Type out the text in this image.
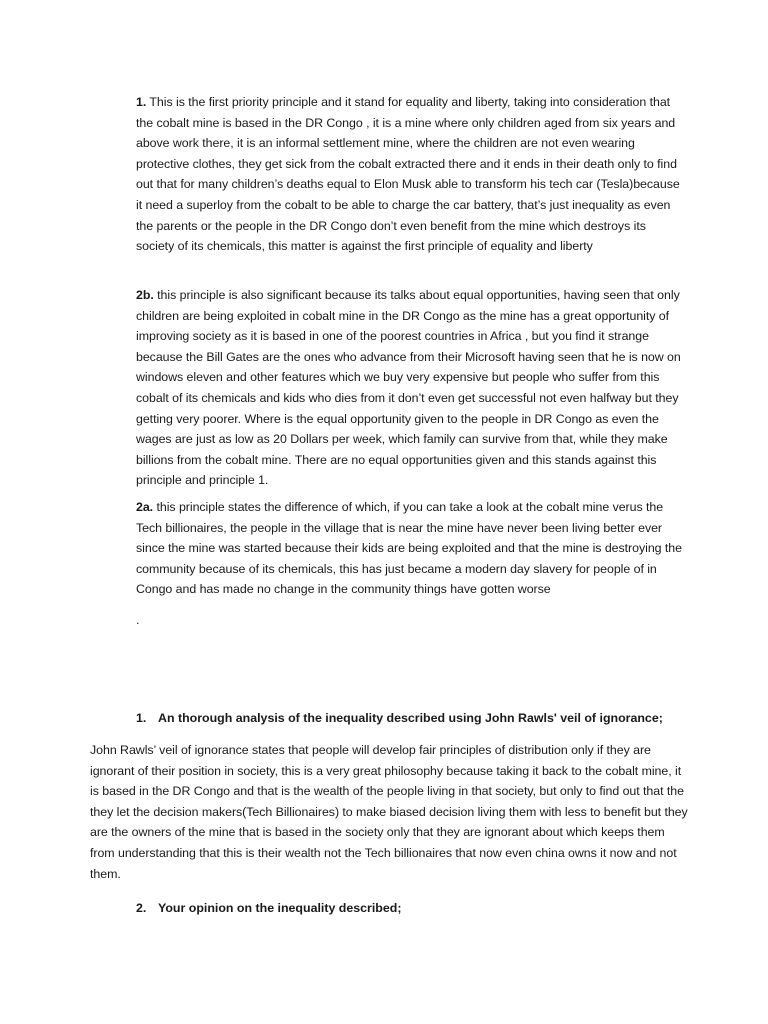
1. This is the first priority principle and it stand for equality and liberty, taking into consideration that the cobalt mine is based in the DR Congo , it is a mine where only children aged from six years and above work there, it is an informal settlement mine, where the children are not even wearing protective clothes, they get sick from the cobalt extracted there and it ends in their death only to find out that for many children’s deaths equal to Elon Musk able to transform his tech car (Tesla)because it need a superloy from the cobalt to be able to charge the car battery, that’s just inequality as even the parents or the people in the DR Congo don’t even benefit from the mine which destroys its society of its chemicals, this matter is against the first principle of equality and liberty

2b. this principle is also significant because its talks about equal opportunities, having seen that only children are being exploited in cobalt mine in the DR Congo as the mine has a great opportunity of improving society as it is based in one of the poorest countries in Africa , but you find it strange because the Bill Gates are the ones who advance from their Microsoft having seen that he is now on windows eleven and other features which we buy very expensive but people who suffer from this cobalt of its chemicals and kids who dies from it don’t even get successful not even halfway but they getting very poorer. Where is the equal opportunity given to the people in DR Congo as even the wages are just as low as 20 Dollars per week, which family can survive from that, while they make billions from the cobalt mine. There are no equal opportunities given and this stands against this principle and principle 1.

2a. this principle states the difference of which, if you can take a look at the cobalt mine verus the Tech billionaires, the people in the village that is near the mine have never been living better ever since the mine was started because their kids are being exploited and that the mine is destroying the community because of its chemicals, this has just became a modern day slavery for people of in Congo and has made no change in the community things have gotten worse

.

1. An thorough analysis of the inequality described using John Rawls' veil of ignorance;

John Rawls’ veil of ignorance states that people will develop fair principles of distribution only if they are ignorant of their position in society, this is a very great philosophy because taking it back to the cobalt mine, it is based in the DR Congo and that is the wealth of the people living in that society, but only to find out that the they let the decision makers(Tech Billionaires) to make biased decision living them with less to benefit but they are the owners of the mine that is based in the society only that they are ignorant about which keeps them from understanding that this is their wealth not the Tech billionaires that now even china owns it now and not them.

2. Your opinion on the inequality described;
